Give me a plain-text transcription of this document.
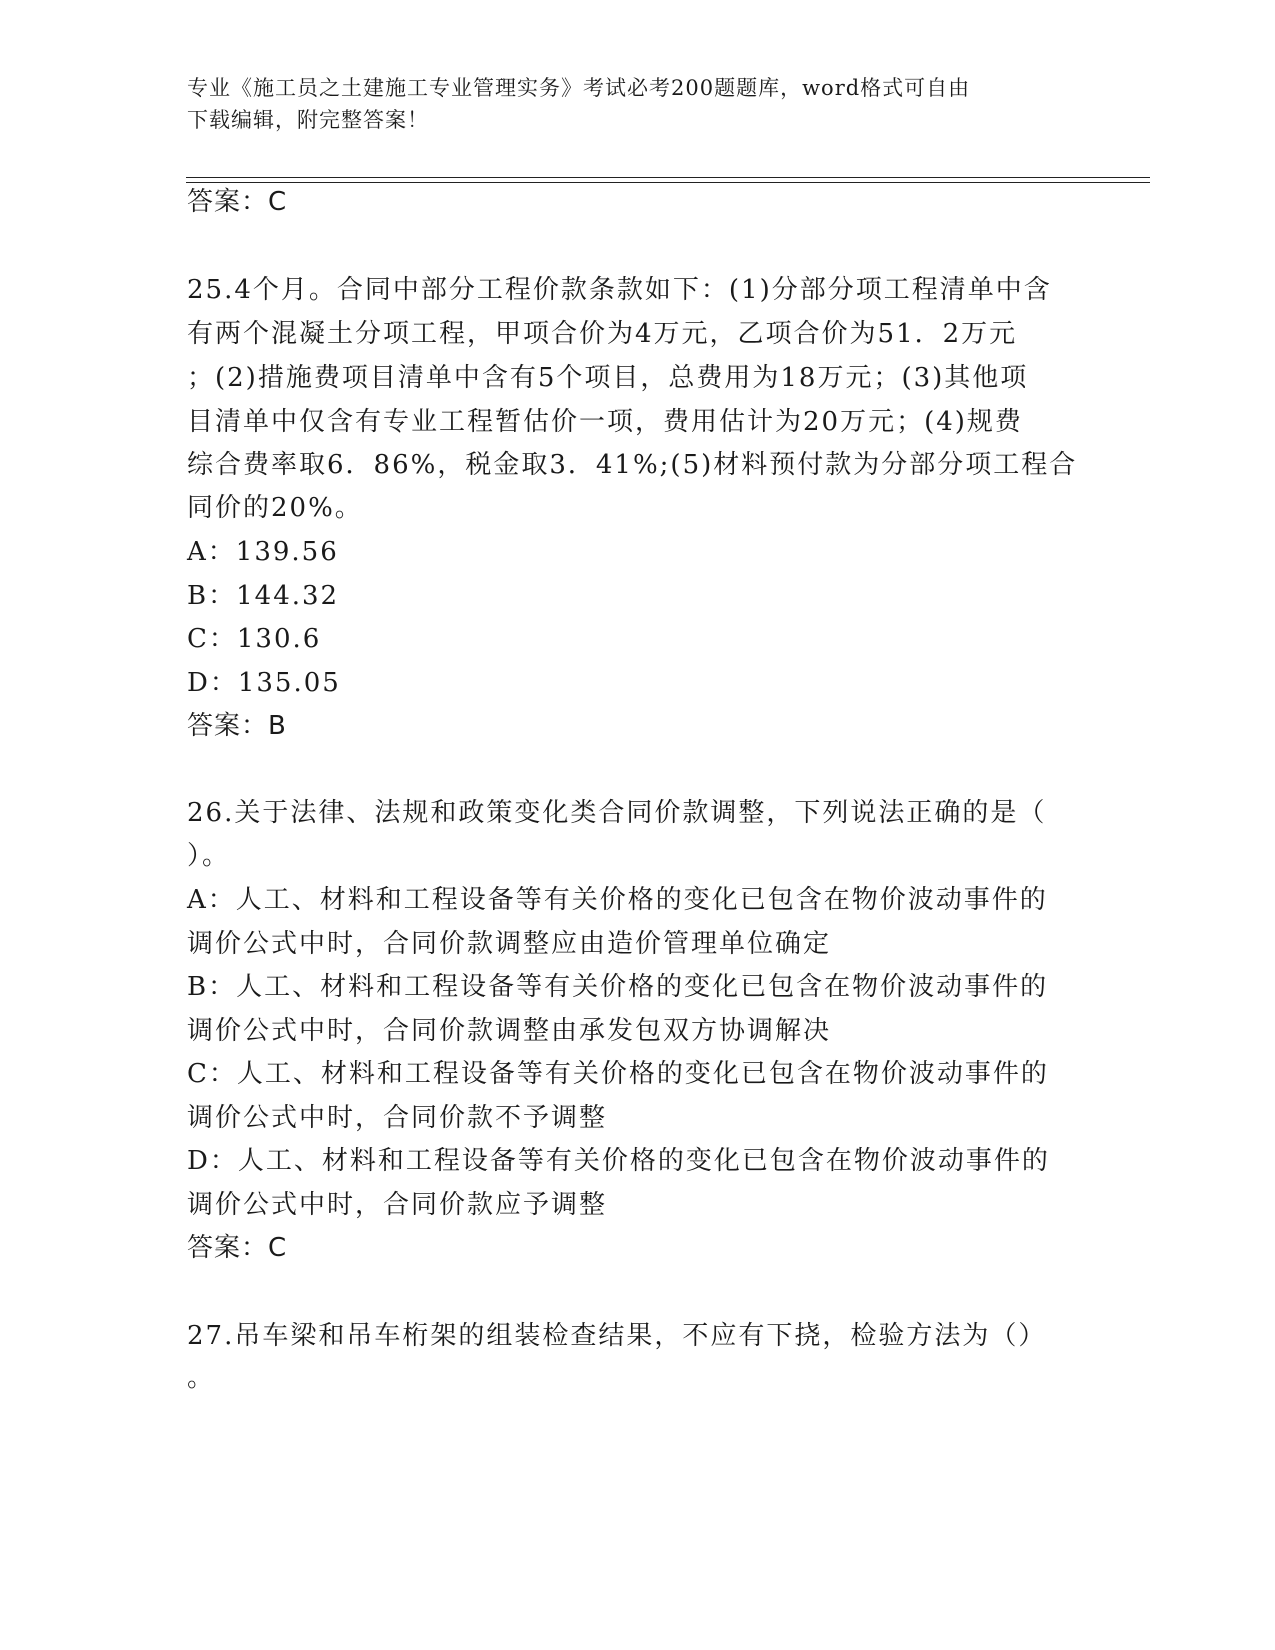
专业《施工员之土建施工专业管理实务》考试必考200题题库，word格式可自由
下载编辑，附完整答案！
答案：C
25.4个月。合同中部分工程价款条款如下：(1)分部分项工程清单中含
有两个混凝土分项工程，甲项合价为4万元，乙项合价为51．2万元
；(2)措施费项目清单中含有5个项目，总费用为18万元；(3)其他项
目清单中仅含有专业工程暂估价一项，费用估计为20万元；(4)规费
综合费率取6．86%，税金取3．41%;(5)材料预付款为分部分项工程合
同价的20%。
A：139.56
B：144.32
C：130.6
D：135.05
答案：B
26.关于法律、法规和政策变化类合同价款调整，下列说法正确的是（
）。
A：人工、材料和工程设备等有关价格的变化已包含在物价波动事件的
调价公式中时，合同价款调整应由造价管理单位确定
B：人工、材料和工程设备等有关价格的变化已包含在物价波动事件的
调价公式中时，合同价款调整由承发包双方协调解决
C：人工、材料和工程设备等有关价格的变化已包含在物价波动事件的
调价公式中时，合同价款不予调整
D：人工、材料和工程设备等有关价格的变化已包含在物价波动事件的
调价公式中时，合同价款应予调整
答案：C
27.吊车梁和吊车桁架的组装检查结果，不应有下挠，检验方法为（）
。
